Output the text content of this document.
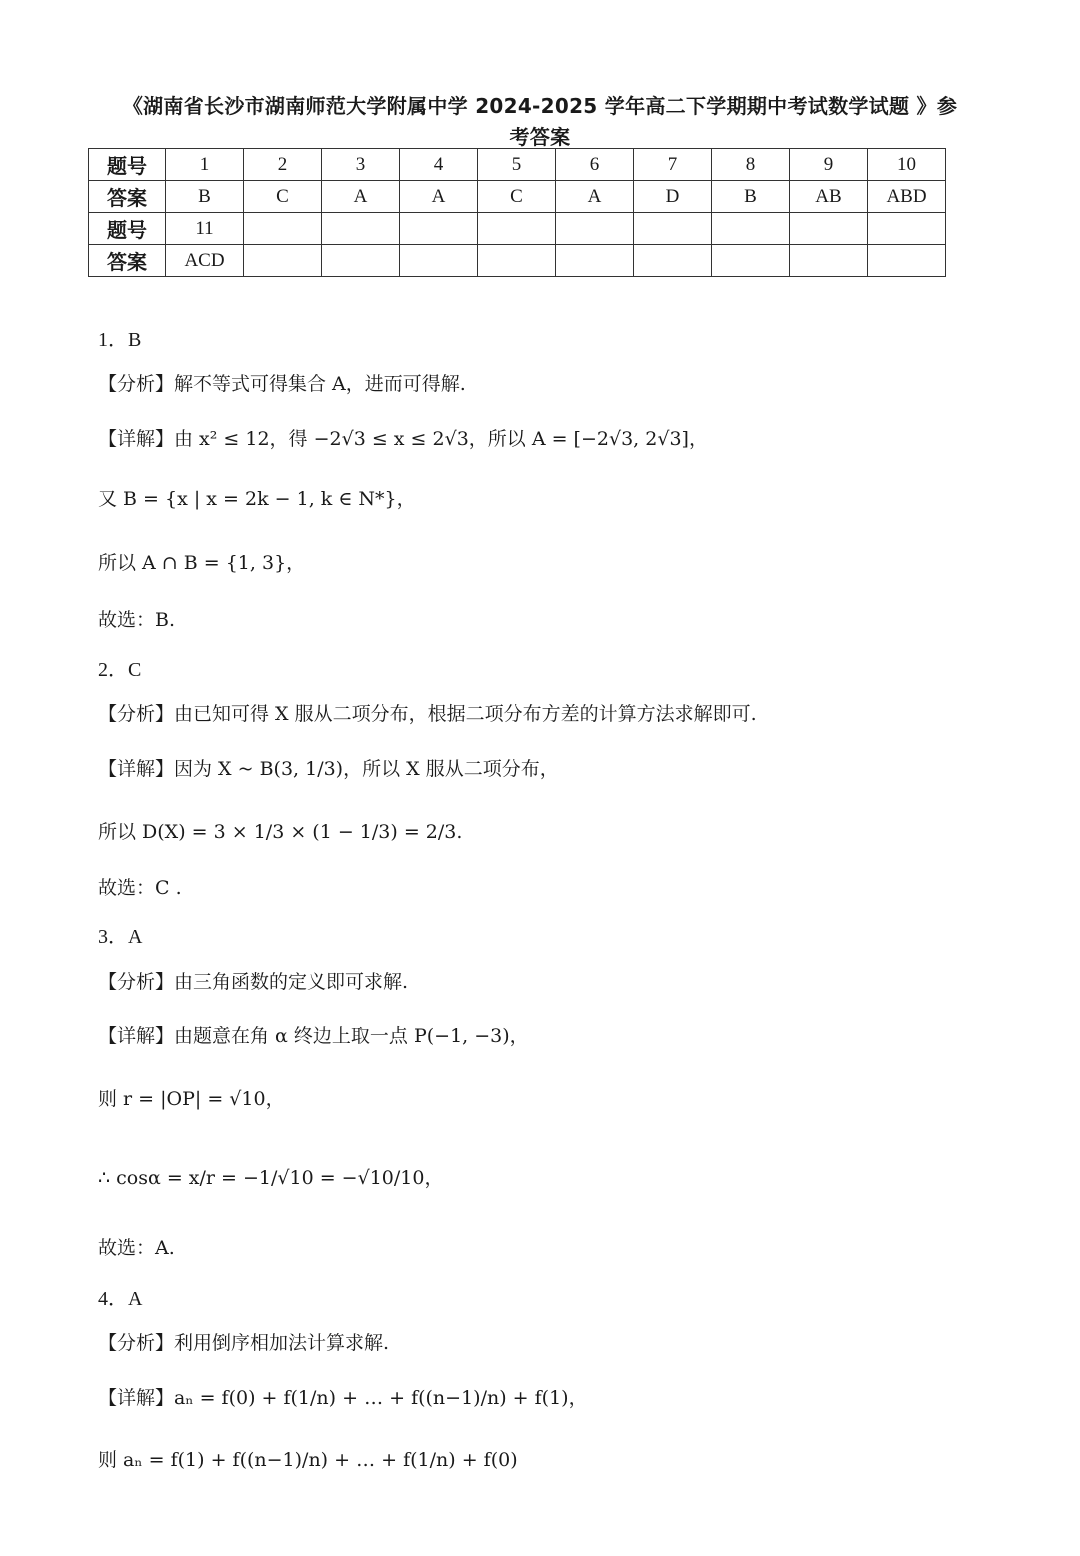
《湖南省长沙市湖南师范大学附属中学 2024-2025 学年高二下学期期中考试数学试题 》参
考答案
题号	1	2	3	4	5	6	7	8	9	10
答案	B	C	A	A	C	A	D	B	AB	ABD
题号	11									
答案	ACD									
1．B
【分析】解不等式可得集合 A，进而可得解.
【详解】由 x² ≤ 12，得 −2√3 ≤ x ≤ 2√3，所以 A = [−2√3, 2√3]，
又 B = {x | x = 2k − 1, k ∈ N*}，
所以 A ∩ B = {1, 3}，
故选：B.
2．C
【分析】由已知可得 X 服从二项分布，根据二项分布方差的计算方法求解即可.
【详解】因为 X ~ B(3, 1/3)，所以 X 服从二项分布，
所以 D(X) = 3 × 1/3 × (1 − 1/3) = 2/3.
故选：C .
3．A
【分析】由三角函数的定义即可求解.
【详解】由题意在角 α 终边上取一点 P(−1, −3)，
则 r = |OP| = √10，
∴ cosα = x/r = −1/√10 = −√10/10，
故选：A.
4．A
【分析】利用倒序相加法计算求解.
【详解】aₙ = f(0) + f(1/n) + … + f((n−1)/n) + f(1)，
则 aₙ = f(1) + f((n−1)/n) + … + f(1/n) + f(0)
